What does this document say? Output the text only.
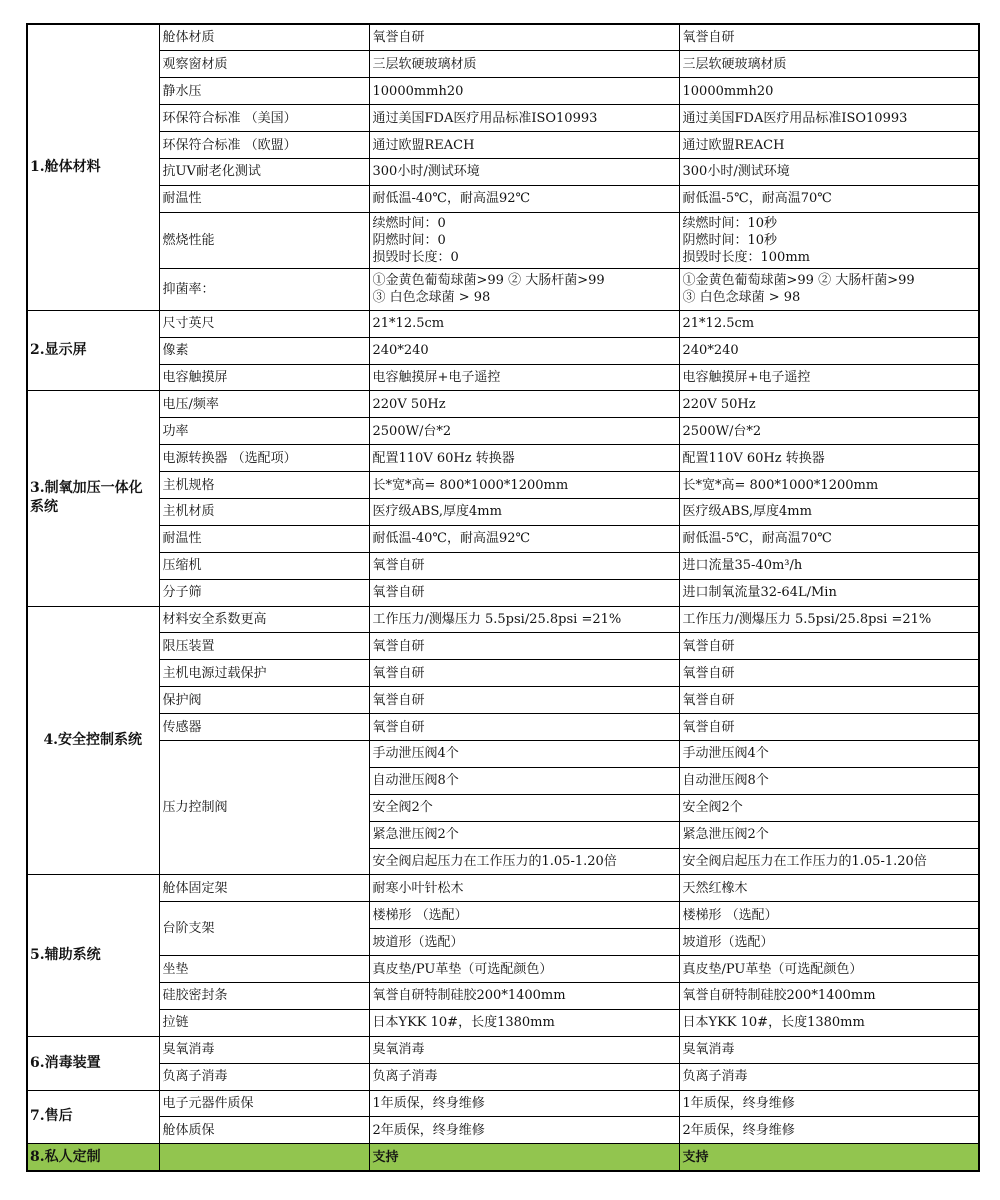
1.舱体材料	舱体材质	氧誉自研	氧誉自研
	观察窗材质	三层软硬玻璃材质	三层软硬玻璃材质
	静水压	10000mmh20	10000mmh20
	环保符合标准 （美国）	通过美国FDA医疗用品标准ISO10993	通过美国FDA医疗用品标准ISO10993
	环保符合标准 （欧盟）	通过欧盟REACH	通过欧盟REACH
	抗UV耐老化测试	300小时/测试环境	300小时/测试环境
	耐温性	耐低温-40℃，耐高温92℃	耐低温-5℃，耐高温70℃
	燃烧性能	续燃时间：0
阴燃时间：0
损毁时长度：0	续燃时间：10秒
阴燃时间：10秒
损毁时长度：100mm

	抑菌率：	①金黄色葡萄球菌>99 ② 大肠杆菌>99
③ 白色念球菌 > 98	①金黄色葡萄球菌>99 ② 大肠杆菌>99
③ 白色念球菌 > 98

2.显示屏	尺寸英尺	21*12.5cm	21*12.5cm
	像素	240*240	240*240
	电容触摸屏	电容触摸屏+电子遥控	电容触摸屏+电子遥控
3.制氧加压一体化系统	电压/频率	220V 50Hz	220V 50Hz
	功率	2500W/台*2	2500W/台*2
	电源转换器 （选配项）	配置110V 60Hz 转换器	配置110V 60Hz 转换器
	主机规格	长*宽*高= 800*1000*1200mm	长*宽*高= 800*1000*1200mm
	主机材质	医疗级ABS,厚度4mm	医疗级ABS,厚度4mm
	耐温性	耐低温-40℃，耐高温92℃	耐低温-5℃，耐高温70℃
	压缩机	氧誉自研	进口流量35-40m³/h
	分子筛	氧誉自研	进口制氧流量32-64L/Min
4.安全控制系统	材料安全系数更高	工作压力/测爆压力 5.5psi/25.8psi =21%	工作压力/测爆压力 5.5psi/25.8psi =21%
	限压装置	氧誉自研	氧誉自研
	主机电源过载保护	氧誉自研	氧誉自研
	保护阀	氧誉自研	氧誉自研
	传感器	氧誉自研	氧誉自研
	压力控制阀	手动泄压阀4个	手动泄压阀4个
		自动泄压阀8个	自动泄压阀8个
		安全阀2个	安全阀2个
		紧急泄压阀2个	紧急泄压阀2个
		安全阀启起压力在工作压力的1.05-1.20倍	安全阀启起压力在工作压力的1.05-1.20倍
5.辅助系统	舱体固定架	耐寒小叶针松木	天然红橡木
	台阶支架	楼梯形 （选配）	楼梯形 （选配）
		坡道形（选配）	坡道形（选配）
	坐垫	真皮垫/PU革垫（可选配颜色）	真皮垫/PU革垫（可选配颜色）
	硅胶密封条	氧誉自研特制硅胶200*1400mm	氧誉自研特制硅胶200*1400mm
	拉链	日本YKK 10#，长度1380mm	日本YKK 10#，长度1380mm
6.消毒装置	臭氧消毒	臭氧消毒	臭氧消毒
	负离子消毒	负离子消毒	负离子消毒
7.售后	电子元器件质保	1年质保，终身维修	1年质保，终身维修
	舱体质保	2年质保，终身维修	2年质保，终身维修
8.私人定制		支持	支持
